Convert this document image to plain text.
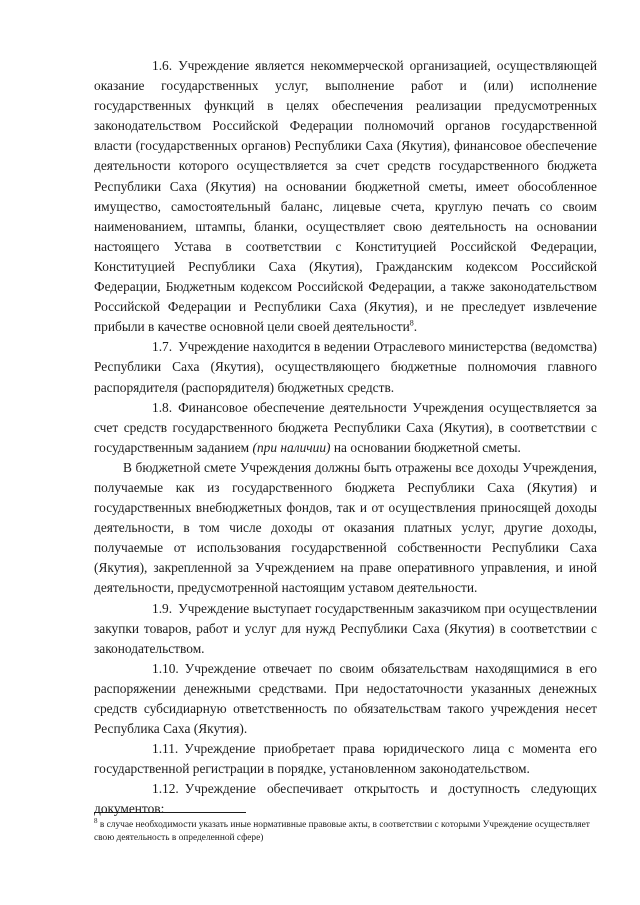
1.6. Учреждение является некоммерческой организацией, осуществляющей оказание государственных услуг, выполнение работ и (или) исполнение государственных функций в целях обеспечения реализации предусмотренных законодательством Российской Федерации полномочий органов государственной власти (государственных органов) Республики Саха (Якутия), финансовое обеспечение деятельности которого осуществляется за счет средств государственного бюджета Республики Саха (Якутия) на основании бюджетной сметы, имеет обособленное имущество, самостоятельный баланс, лицевые счета, круглую печать со своим наименованием, штампы, бланки, осуществляет свою деятельность на основании настоящего Устава в соответствии с Конституцией Российской Федерации, Конституцией Республики Саха (Якутия), Гражданским кодексом Российской Федерации, Бюджетным кодексом Российской Федерации, а также законодательством Российской Федерации и Республики Саха (Якутия), и не преследует извлечение прибыли в качестве основной цели своей деятельности$^8$.

1.7. Учреждение находится в ведении Отраслевого министерства (ведомства) Республики Саха (Якутия), осуществляющего бюджетные полномочия главного распорядителя (распорядителя) бюджетных средств.

1.8. Финансовое обеспечение деятельности Учреждения осуществляется за счет средств государственного бюджета Республики Саха (Якутия), в соответствии с государственным заданием (при наличии) на основании бюджетной сметы.

В бюджетной смете Учреждения должны быть отражены все доходы Учреждения, получаемые как из государственного бюджета Республики Саха (Якутия) и государственных внебюджетных фондов, так и от осуществления приносящей доходы деятельности, в том числе доходы от оказания платных услуг, другие доходы, получаемые от использования государственной собственности Республики Саха (Якутия), закрепленной за Учреждением на праве оперативного управления, и иной деятельности, предусмотренной настоящим уставом деятельности.

1.9. Учреждение выступает государственным заказчиком при осуществлении закупки товаров, работ и услуг для нужд Республики Саха (Якутия) в соответствии с законодательством.

1.10. Учреждение отвечает по своим обязательствам находящимися в его распоряжении денежными средствами. При недостаточности указанных денежных средств субсидиарную ответственность по обязательствам такого учреждения несет Республика Саха (Якутия).

1.11. Учреждение приобретает права юридического лица с момента его государственной регистрации в порядке, установленном законодательством.

1.12. Учреждение обеспечивает открытость и доступность следующих документов:

$^8$ в случае необходимости указать иные нормативные правовые акты, в соответствии с которыми Учреждение осуществляет свою деятельность в определенной сфере)
